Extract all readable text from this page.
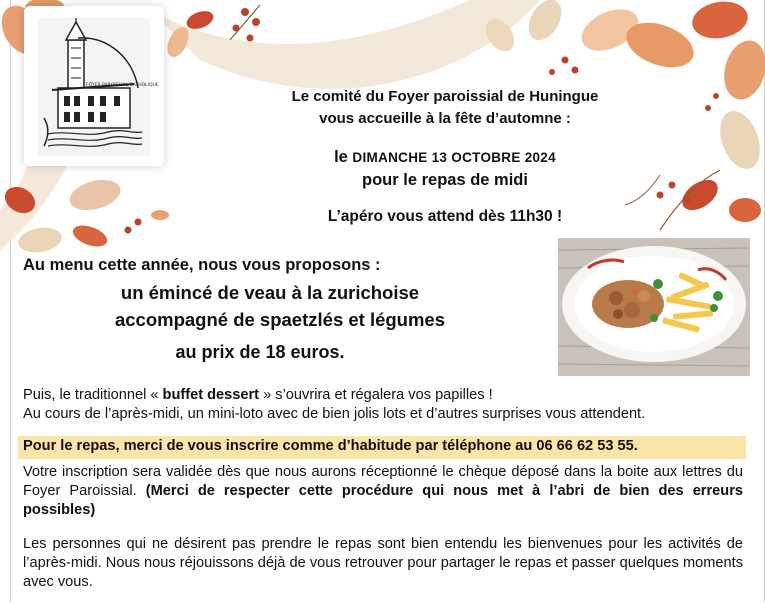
FOYER PAROISSIAL CATHOLIQUE
Le comité du Foyer paroissial de Huningue
vous accueille à la fête d’automne :
le DIMANCHE 13 OCTOBRE 2024
pour le repas de midi
L’apéro vous attend dès 11h30 !
Au menu cette année, nous vous proposons :
un émincé de veau à la zurichoise
accompagné de spaetzlés et légumes
au prix de 18 euros.
Puis, le traditionnel « buffet dessert » s’ouvrira et régalera vos papilles !
Au cours de l’après-midi, un mini-loto avec de bien jolis lots et d’autres surprises vous attendent.
Pour le repas, merci de vous inscrire comme d’habitude par téléphone au 06 66 62 53 55.
Votre inscription sera validée dès que nous aurons réceptionné le chèque déposé dans la boite aux lettres du Foyer Paroissial. (Merci de respecter cette procédure qui nous met à l’abri de bien des erreurs possibles)
Les personnes qui ne désirent pas prendre le repas sont bien entendu les bienvenues pour les activités de l’après-midi. Nous nous réjouissons déjà de vous retrouver pour partager le repas et passer quelques moments avec vous.
